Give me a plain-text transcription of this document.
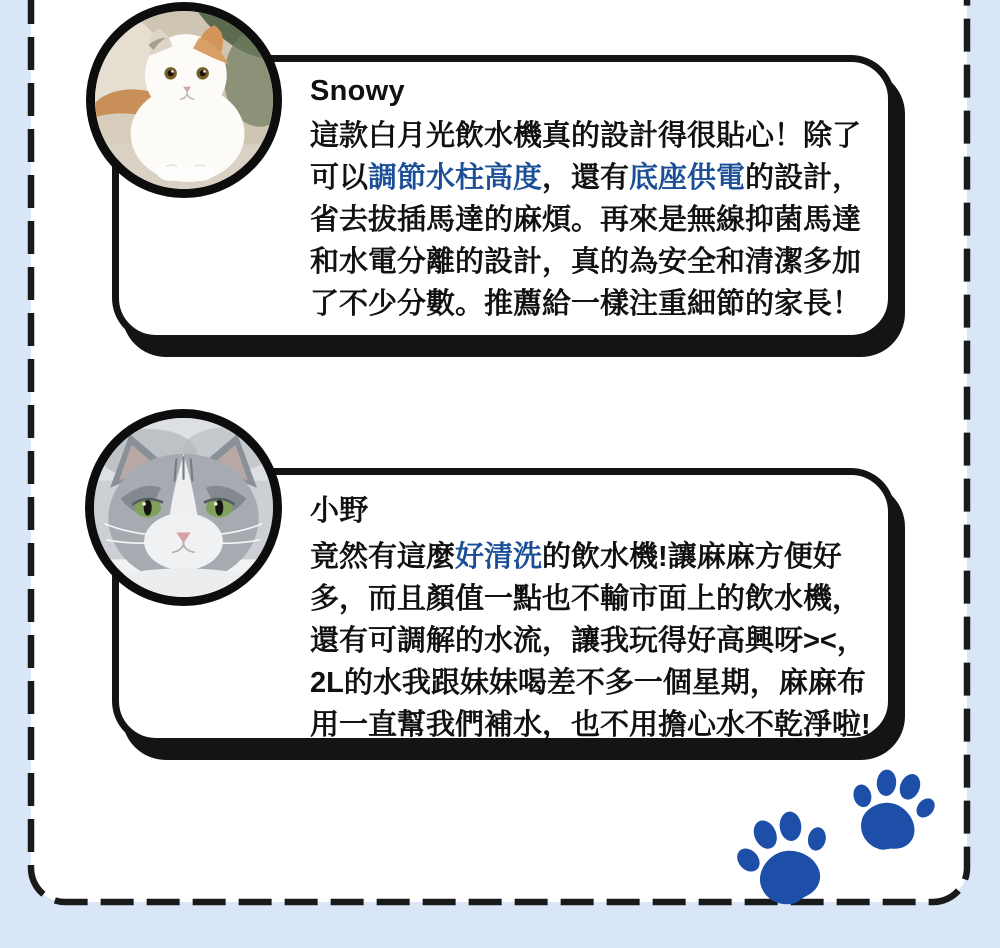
Snowy
這款白月光飲水機真的設計得很貼心！除了
可以調節水柱高度，還有底座供電的設計，
省去拔插馬達的麻煩。再來是無線抑菌馬達
和水電分離的設計，真的為安全和清潔多加
了不少分數。推薦給一樣注重細節的家長！
小野
竟然有這麼好清洗的飲水機!讓麻麻方便好
多，而且顏值一點也不輸市面上的飲水機，
還有可調解的水流，讓我玩得好高興呀><，
2L的水我跟妹妹喝差不多一個星期，麻麻布
用一直幫我們補水，也不用擔心水不乾淨啦!
